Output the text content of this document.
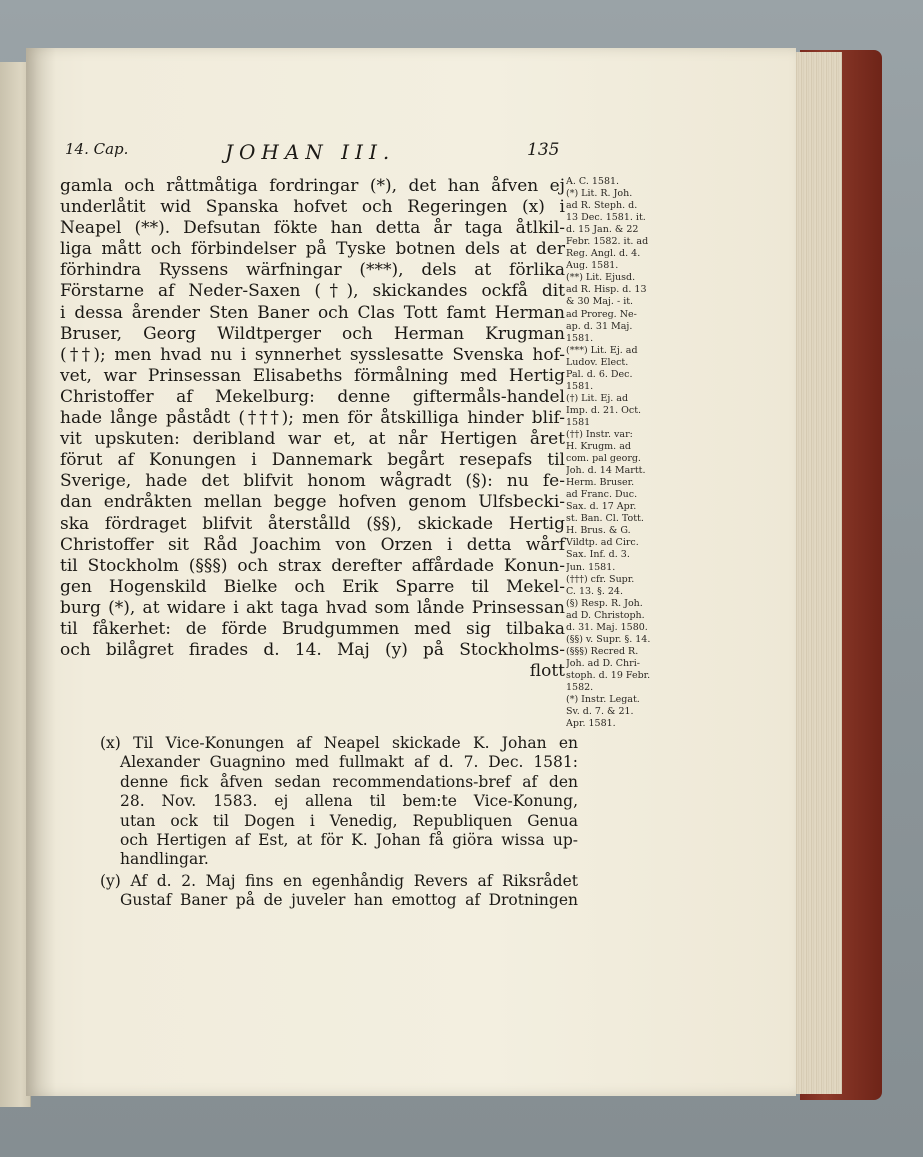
14. Cap.	JOHAN III.	135
gamla och råttmåtiga fordringar (*), det han åfven ej
underlåtit wid Spanska hofvet och Regeringen (x) i
Neapel (**). Defsutan fökte han detta år taga åtlkil-
liga mått och förbindelser på Tyske botnen dels at der
förhindra Ryssens wärfningar (***), dels at förlika
Förstarne af Neder-Saxen (†), skickandes ockfå dit
i dessa årender Sten Baner och Clas Tott famt Herman
Bruser, Georg Wildtperger och Herman Krugman
(††); men hvad nu i synnerhet sysslesatte Svenska hof-
vet, war Prinsessan Elisabeths förmålning med Hertig
Christoffer af Mekelburg: denne giftermåls-handel
hade långe påstådt (†††); men för åtskilliga hinder blif-
vit upskuten: deribland war et, at når Hertigen året
förut af Konungen i Dannemark begårt resepafs til
Sverige, hade det blifvit honom wågradt (§): nu fe-
dan endråkten mellan begge hofven genom Ulfsbecki-
ska fördraget blifvit återstålld (§§), skickade Hertig
Christoffer sit Råd Joachim von Orzen i detta wårf
til Stockholm (§§§) och strax derefter affårdade Konun-
gen Hogenskild Bielke och Erik Sparre til Mekel-
burg (*), at widare i akt taga hvad som lånde Prinsessan
til fåkerhet: de förde Brudgummen med sig tilbaka
och bilågret firades d. 14. Maj (y) på Stockholms-
flott
A. C. 1581.
(*) Lit. R. Joh.
ad R. Steph. d.
13 Dec. 1581. it.
d. 15 Jan. & 22
Febr. 1582. it. ad
Reg. Angl. d. 4.
Aug. 1581.
(**) Lit. Ejusd.
ad R. Hisp. d. 13
& 30 Maj. - it.
ad Proreg. Ne-
ap. d. 31 Maj.
1581.
(***) Lit. Ej. ad
Ludov. Elect.
Pal. d. 6. Dec.
1581.
(†) Lit. Ej. ad
Imp. d. 21. Oct.
1581
(††) Instr. var:
H. Krugm. ad
com. pal georg.
Joh. d. 14 Martt.
Herm. Bruser.
ad Franc. Duc.
Sax. d. 17 Apr.
st. Ban. Cl. Tott.
H. Brus. & G.
Vildtp. ad Circ.
Sax. Inf. d. 3.
Jun. 1581.
(†††) cfr. Supr.
C. 13. §. 24.
(§) Resp. R. Joh.
ad D. Christoph.
d. 31. Maj. 1580.
(§§) v. Supr. §. 14.
(§§§) Recred R.
Joh. ad D. Chri-
stoph. d. 19 Febr.
1582.
(*) Instr. Legat.
Sv. d. 7. & 21.
Apr. 1581.
(x) Til Vice-Konungen af Neapel skickade K. Johan en
Alexander Guagnino med fullmakt af d. 7. Dec. 1581:
denne fick åfven sedan recommendations-bref af den
28. Nov. 1583. ej allena til bem:te Vice-Konung,
utan ock til Dogen i Venedig, Republiquen Genua
och Hertigen af Est, at för K. Johan få giöra wissa up-
handlingar.
(y) Af d. 2. Maj fins en egenhåndig Revers af Riksrådet
Gustaf Baner på de juveler han emottog af Drotningen
